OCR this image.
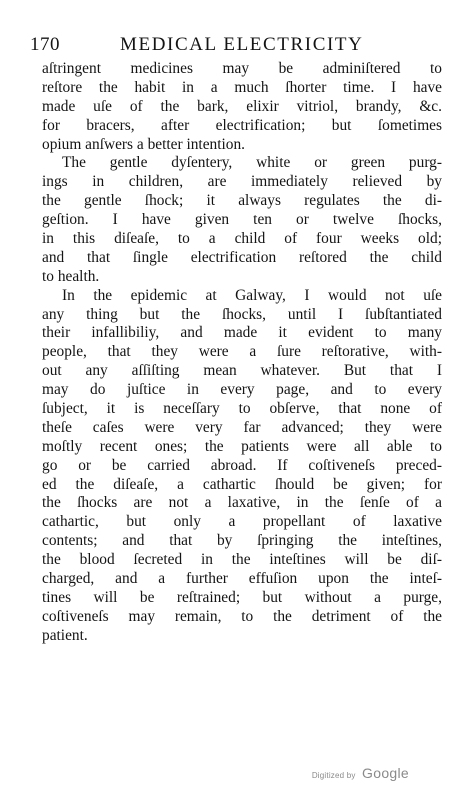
170	MEDICAL ELECTRICITY
aſtringent medicines may be adminiſtered to
reſtore the habit in a much ſhorter time. I have
made uſe of the bark, elixir vitriol, brandy, &c.
for bracers, after electrification; but ſometimes
opium anſwers a better intention.
The gentle dyſentery, white or green purg-
ings in children, are immediately relieved by
the gentle ſhock; it always regulates the di-
geſtion. I have given ten or twelve ſhocks,
in this diſeaſe, to a child of four weeks old;
and that ſingle electrification reſtored the child
to health.
In the epidemic at Galway, I would not uſe
any thing but the ſhocks, until I ſubſtantiated
their infallibiliy, and made it evident to many
people, that they were a ſure reſtorative, with-
out any aſſiſting mean whatever. But that I
may do juſtice in every page, and to every
ſubject, it is neceſſary to obſerve, that none of
theſe caſes were very far advanced; they were
moſtly recent ones; the patients were all able to
go or be carried abroad. If coſtiveneſs preced-
ed the diſeaſe, a cathartic ſhould be given; for
the ſhocks are not a laxative, in the ſenſe of a
cathartic, but only a propellant of laxative
contents; and that by ſpringing the inteſtines,
the blood ſecreted in the inteſtines will be diſ-
charged, and a further effuſion upon the inteſ-
tines will be reſtrained; but without a purge,
coſtiveneſs may remain, to the detriment of the
patient.
Digitized by Google
